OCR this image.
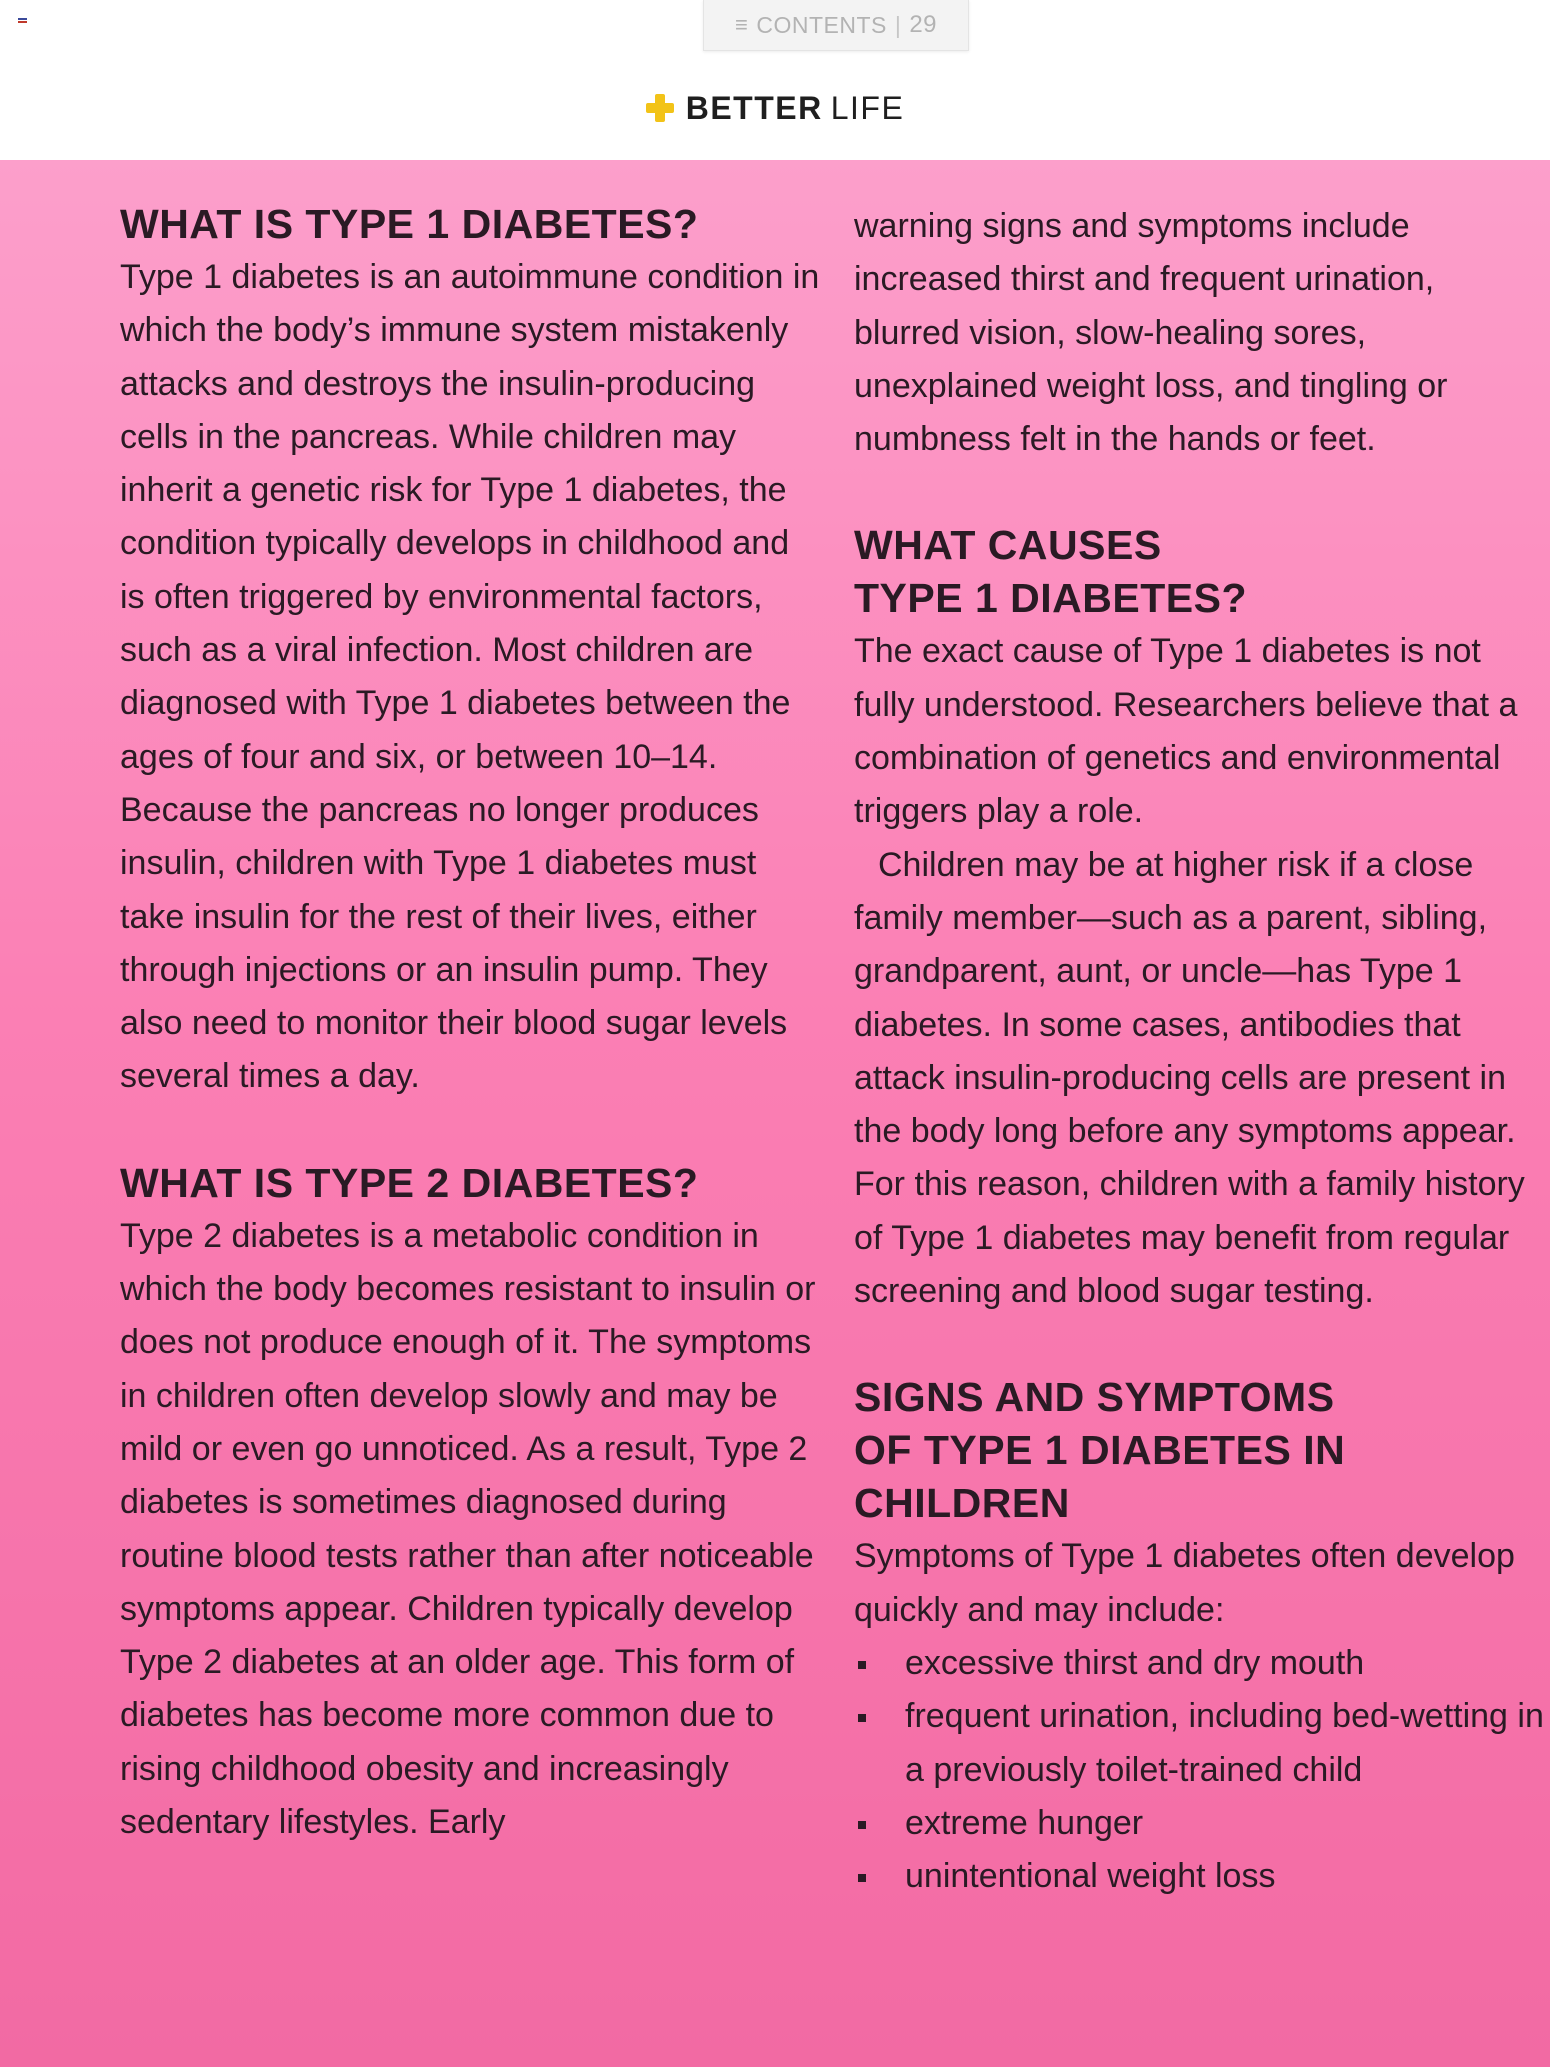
≡ CONTENTS | 29
BETTER LIFE
WHAT IS TYPE 1 DIABETES?

Type 1 diabetes is an autoimmune condition in which the body’s immune system mistakenly attacks and destroys the insulin-producing cells in the pancreas. While children may inherit a genetic risk for Type 1 diabetes, the condition typically develops in childhood and is often triggered by environmental factors, such as a viral infection. Most children are diagnosed with Type 1 diabetes between the ages of four and six, or between 10–14. Because the pancreas no longer produces insulin, children with Type 1 diabetes must take insulin for the rest of their lives, either through injections or an insulin pump. They also need to monitor their blood sugar levels several times a day.

WHAT IS TYPE 2 DIABETES?

Type 2 diabetes is a metabolic condition in which the body becomes resistant to insulin or does not produce enough of it. The symptoms in children often develop slowly and may be mild or even go unnoticed. As a result, Type 2 diabetes is sometimes diagnosed during routine blood tests rather than after noticeable symptoms appear. Children typically develop Type 2 diabetes at an older age. This form of diabetes has become more common due to rising childhood obesity and increasingly sedentary lifestyles. Early

warning signs and symptoms include increased thirst and frequent urination, blurred vision, slow-healing sores, unexplained weight loss, and tingling or numbness felt in the hands or feet.

WHAT CAUSES
TYPE 1 DIABETES?

The exact cause of Type 1 diabetes is not fully understood. Researchers believe that a combination of genetics and environmental triggers play a role.

Children may be at higher risk if a close family member—such as a parent, sibling, grandparent, aunt, or uncle—has Type 1 diabetes. In some cases, antibodies that attack insulin-producing cells are present in the body long before any symptoms appear. For this reason, children with a family history of Type 1 diabetes may benefit from regular screening and blood sugar testing.

SIGNS AND SYMPTOMS
OF TYPE 1 DIABETES IN
CHILDREN

Symptoms of Type 1 diabetes often develop quickly and may include:

excessive thirst and dry mouth
frequent urination, including bed-wetting in a previously toilet-trained child
extreme hunger
unintentional weight loss
